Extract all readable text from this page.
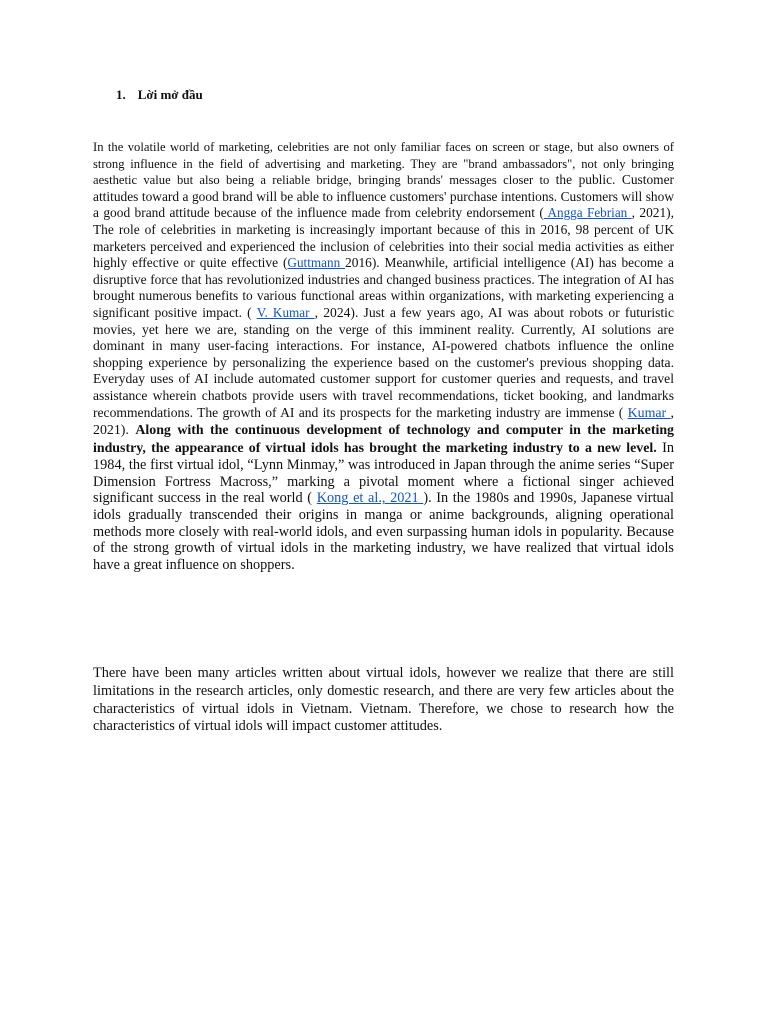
1. Lời mở đầu

In the volatile world of marketing, celebrities are not only familiar faces on screen or stage, but also owners of strong influence in the field of advertising and marketing. They are "brand ambassadors", not only bringing aesthetic value but also being a reliable bridge, bringing brands' messages closer to the public. Customer attitudes toward a good brand will be able to influence customers' purchase intentions. Customers will show a good brand attitude because of the influence made from celebrity endorsement ( Angga Febrian , 2021), The role of celebrities in marketing is increasingly important because of this in 2016, 98 percent of UK marketers perceived and experienced the inclusion of celebrities into their social media activities as either highly effective or quite effective (Guttmann 2016). Meanwhile, artificial intelligence (AI) has become a disruptive force that has revolutionized industries and changed business practices. The integration of AI has brought numerous benefits to various functional areas within organizations, with marketing experiencing a significant positive impact. ( V. Kumar , 2024). Just a few years ago, AI was about robots or futuristic movies, yet here we are, standing on the verge of this imminent reality. Currently, AI solutions are dominant in many user-facing interactions. For instance, AI-powered chatbots influence the online shopping experience by personalizing the experience based on the customer's previous shopping data. Everyday uses of AI include automated customer support for customer queries and requests, and travel assistance wherein chatbots provide users with travel recommendations, ticket booking, and landmarks recommendations. The growth of AI and its prospects for the marketing industry are immense ( Kumar , 2021). Along with the continuous development of technology and computer in the marketing industry, the appearance of virtual idols has brought the marketing industry to a new level. In 1984, the first virtual idol, “Lynn Minmay,” was introduced in Japan through the anime series “Super Dimension Fortress Macross,” marking a pivotal moment where a fictional singer achieved significant success in the real world ( Kong et al., 2021 ). In the 1980s and 1990s, Japanese virtual idols gradually transcended their origins in manga or anime backgrounds, aligning operational methods more closely with real-world idols, and even surpassing human idols in popularity. Because of the strong growth of virtual idols in the marketing industry, we have realized that virtual idols have a great influence on shoppers.

There have been many articles written about virtual idols, however we realize that there are still limitations in the research articles, only domestic research, and there are very few articles about the characteristics of virtual idols in Vietnam. Vietnam. Therefore, we chose to research how the characteristics of virtual idols will impact customer attitudes.
